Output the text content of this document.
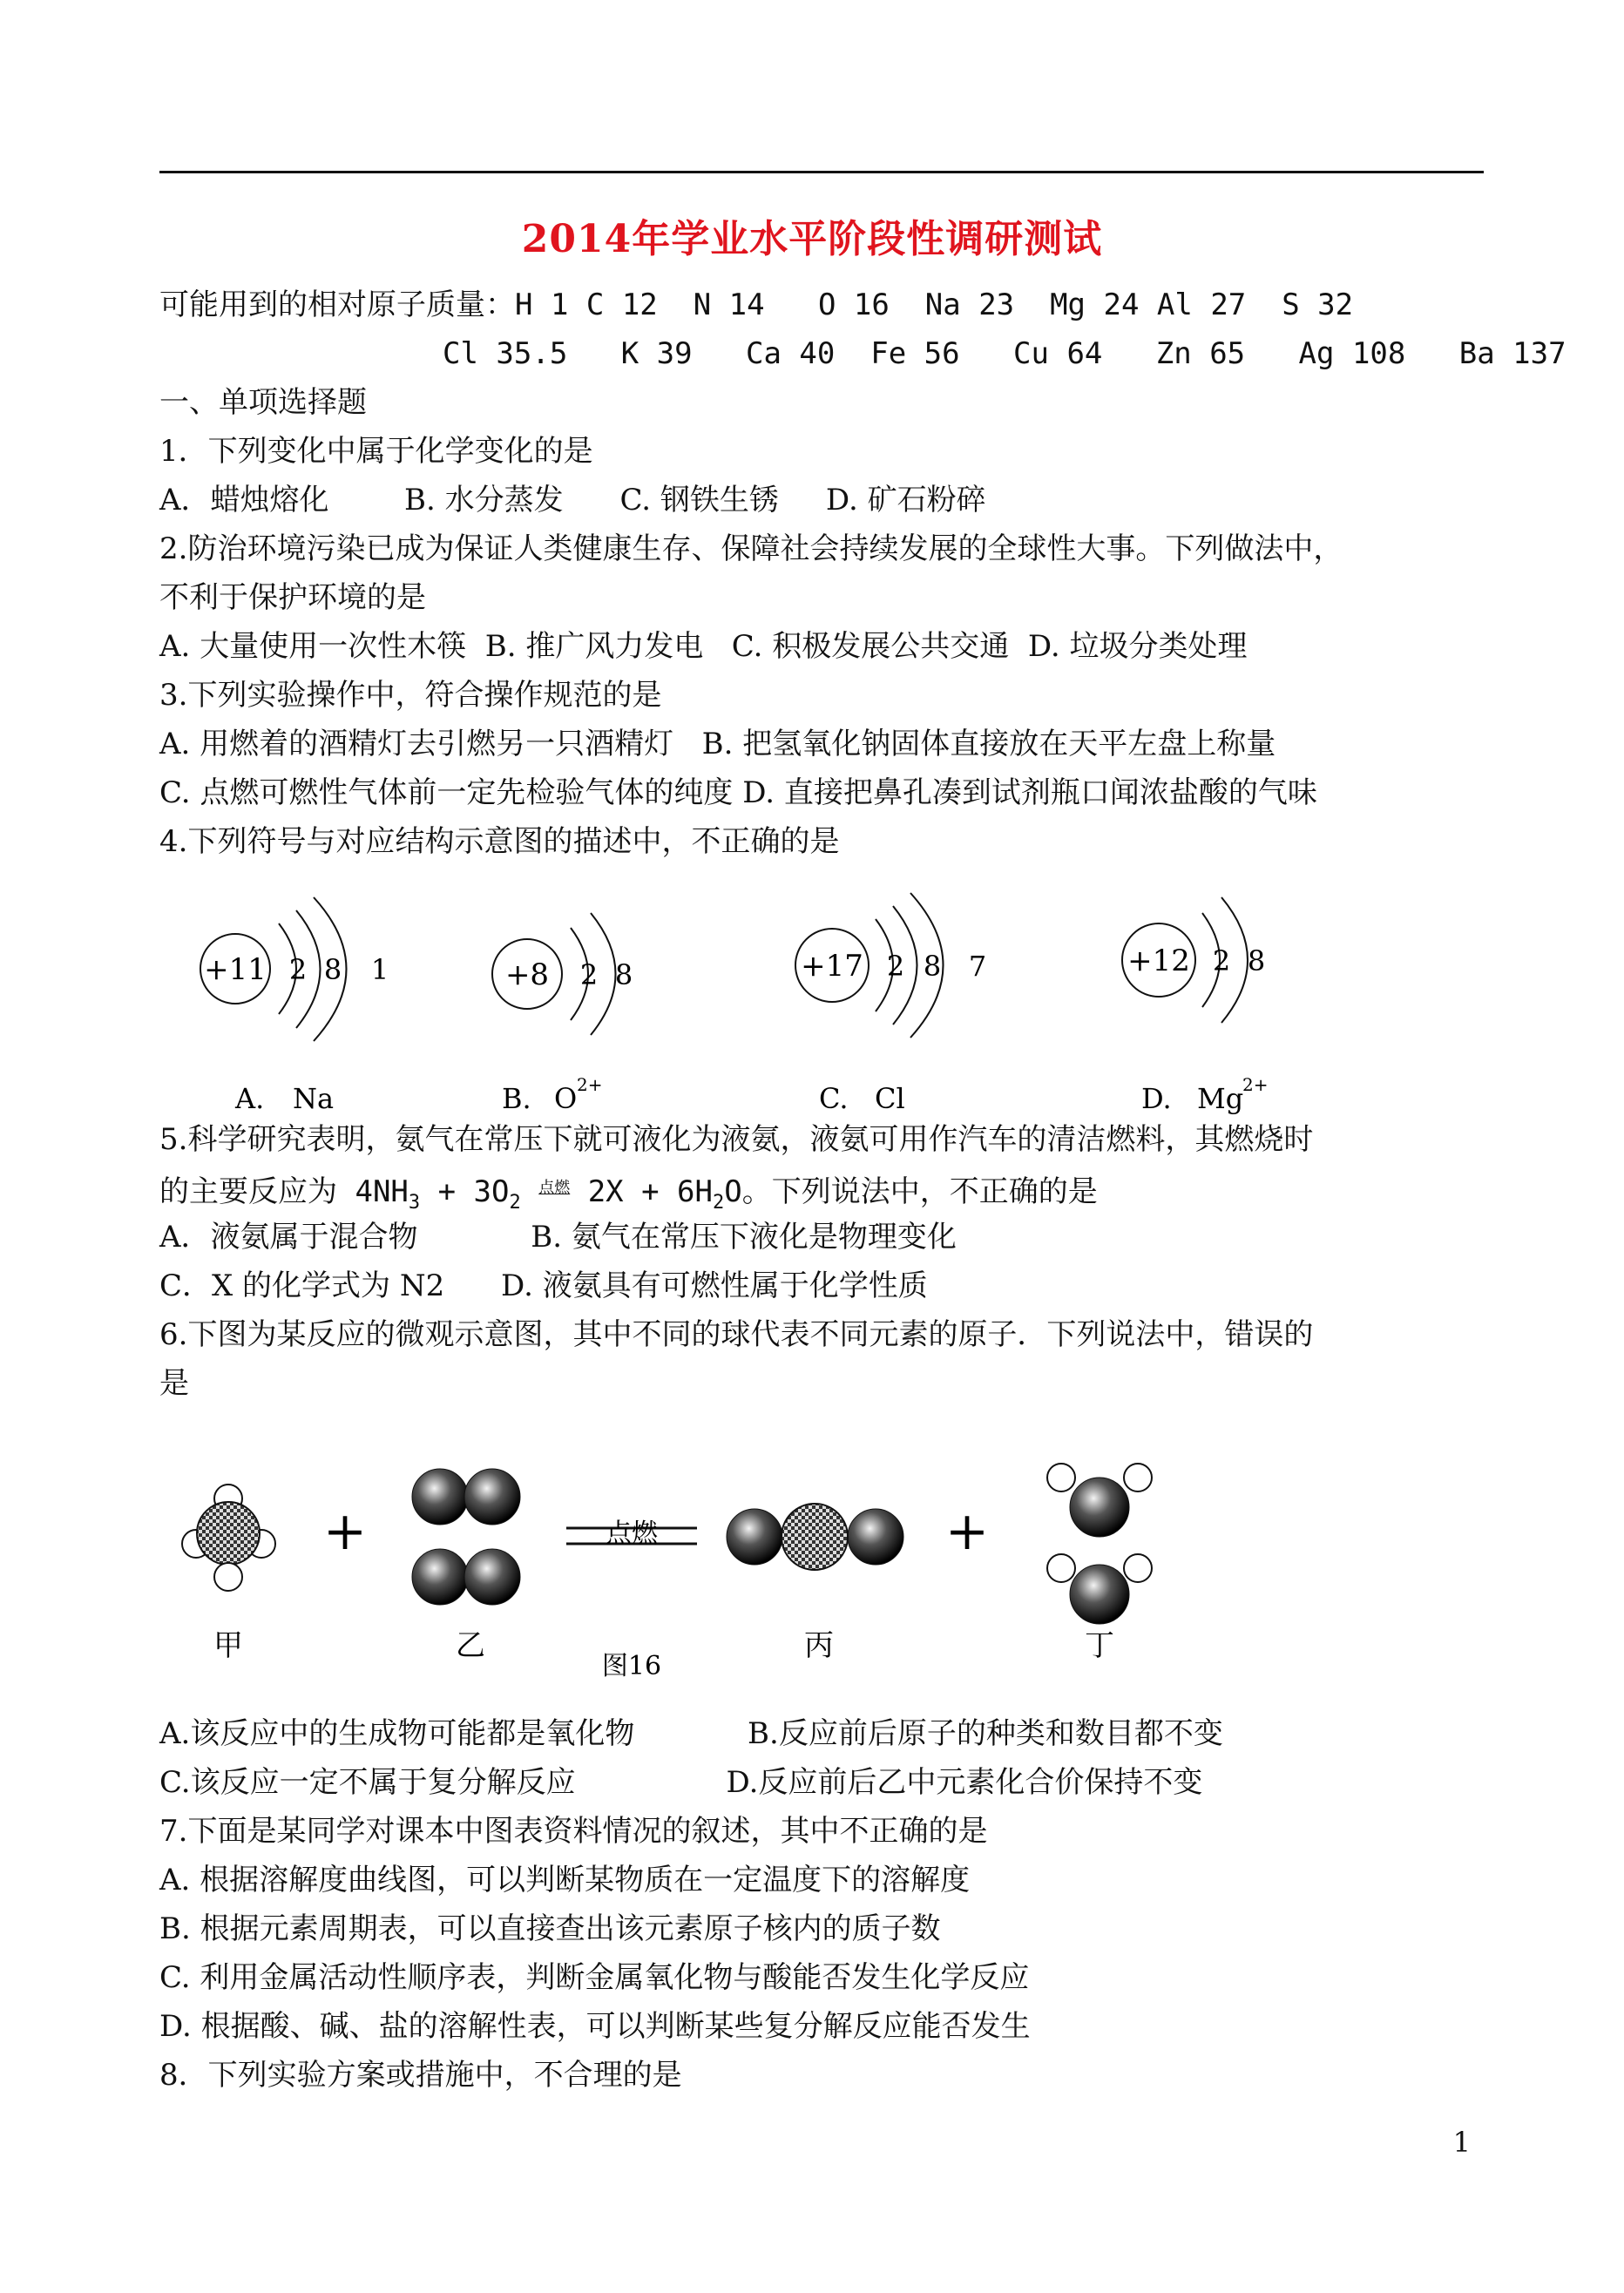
2014年学业水平阶段性调研测试
可能用到的相对原子质量：H 1 C 12  N 14   O 16  Na 23  Mg 24 Al 27  S 32
Cl 35.5   K 39   Ca 40  Fe 56   Cu 64   Zn 65   Ag 108   Ba 137
一、单项选择题
1．下列变化中属于化学变化的是
A．蜡烛熔化        B. 水分蒸发      C. 钢铁生锈     D. 矿石粉碎
2.防治环境污染已成为保证人类健康生存、保障社会持续发展的全球性大事。下列做法中，
不利于保护环境的是
A. 大量使用一次性木筷  B. 推广风力发电   C. 积极发展公共交通  D. 垃圾分类处理
3.下列实验操作中，符合操作规范的是
A. 用燃着的酒精灯去引燃另一只酒精灯   B. 把氢氧化钠固体直接放在天平左盘上称量
C. 点燃可燃性气体前一定先检验气体的纯度 D. 直接把鼻孔凑到试剂瓶口闻浓盐酸的气味
4.下列符号与对应结构示意图的描述中，不正确的是
+11 2 8 1
A. Na
+8 2 8
B. O 2+
+17 2 8 7
C. Cl
+12 2 8
D. Mg
2+
5.科学研究表明，氨气在常压下就可液化为液氨，液氨可用作汽车的清洁燃料，其燃烧时
的主要反应为 $4NH_3 + 3O_2$ 点燃 $2X + 6H_2O$。下列说法中，不正确的是
A．液氨属于混合物            B. 氨气在常压下液化是物理变化
C．X 的化学式为 N2      D. 液氨具有可燃性属于化学性质
6.下图为某反应的微观示意图，其中不同的球代表不同元素的原子．下列说法中，错误的
是
+	点燃	+
甲	乙
图16
丙	丁
A.该反应中的生成物可能都是氧化物            B.反应前后原子的种类和数目都不变
C.该反应一定不属于复分解反应                D.反应前后乙中元素化合价保持不变
7.下面是某同学对课本中图表资料情况的叙述，其中不正确的是
A. 根据溶解度曲线图，可以判断某物质在一定温度下的溶解度
B. 根据元素周期表，可以直接查出该元素原子核内的质子数
C. 利用金属活动性顺序表，判断金属氧化物与酸能否发生化学反应
D. 根据酸、碱、盐的溶解性表，可以判断某些复分解反应能否发生
8．下列实验方案或措施中，不合理的是
1
